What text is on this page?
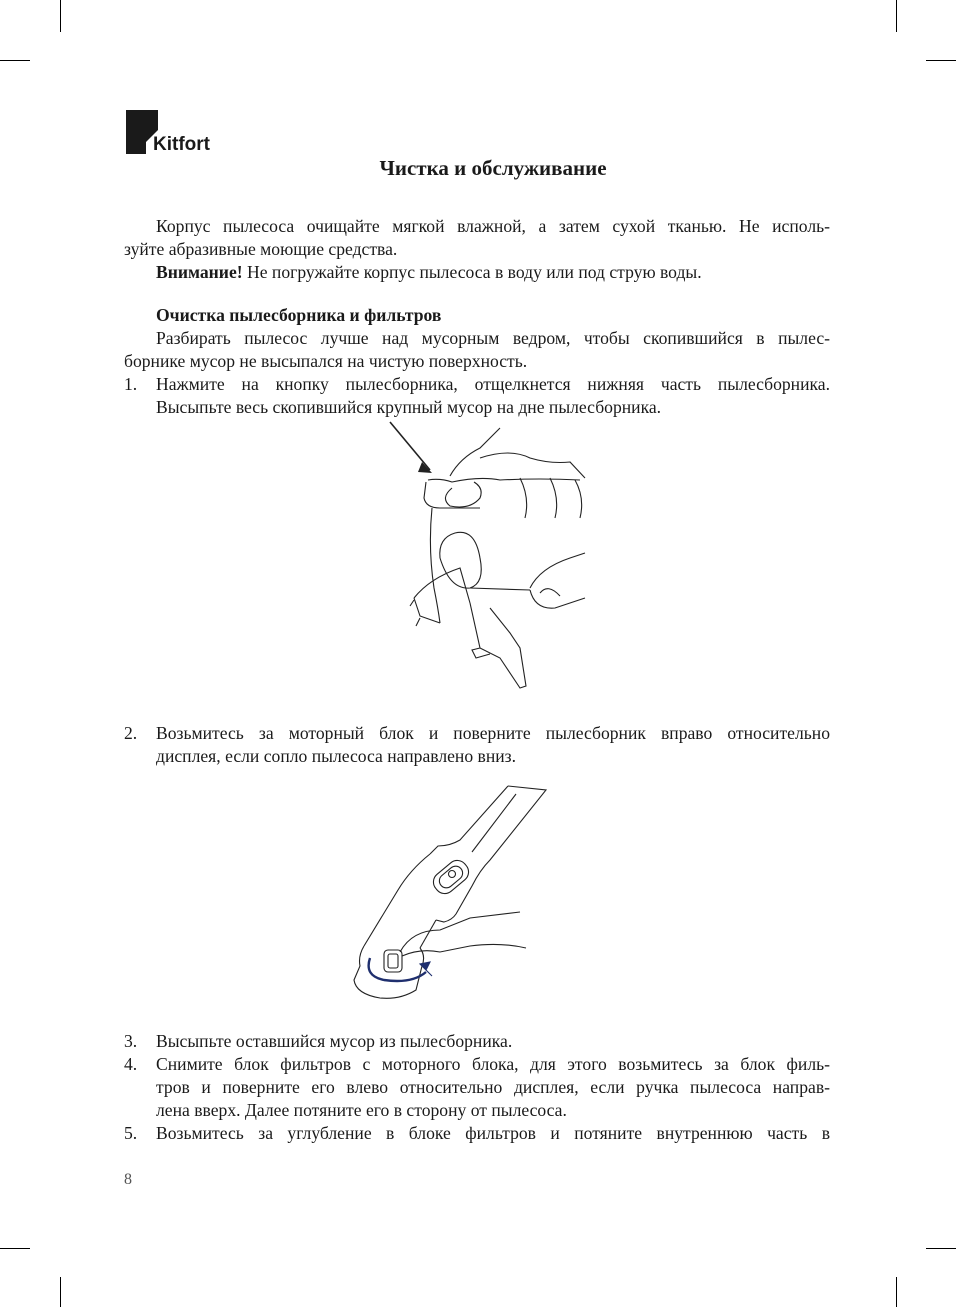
Kitfort
Чистка и обслуживание

Корпус пылесоса очищайте мягкой влажной, а затем сухой тканью. Не исполь-

зуйте абразивные моющие средства.

Внимание! Не погружайте корпус пылесоса в воду или под струю воды.

Очистка пылесборника и фильтров

Разбирать пылесос лучше над мусорным ведром, чтобы скопившийся в пылес-

борнике мусор не высыпался на чистую поверхность.

1. Нажмите на кнопку пылесборника, отщелкнется нижняя часть пылесборника.
Высыпьте весь скопившийся крупный мусор на дне пылесборника.
2. Возьмитесь за моторный блок и поверните пылесборник вправо относительно
дисплея, если сопло пылесоса направлено вниз.
3. Высыпьте оставшийся мусор из пылесборника.
4. Снимите блок фильтров с моторного блока, для этого возьмитесь за блок филь-
тров и поверните его влево относительно дисплея, если ручка пылесоса направ-
лена вверх. Далее потяните его в сторону от пылесоса.
5. Возьмитесь за углубление в блоке фильтров и потяните внутреннюю часть в
8
